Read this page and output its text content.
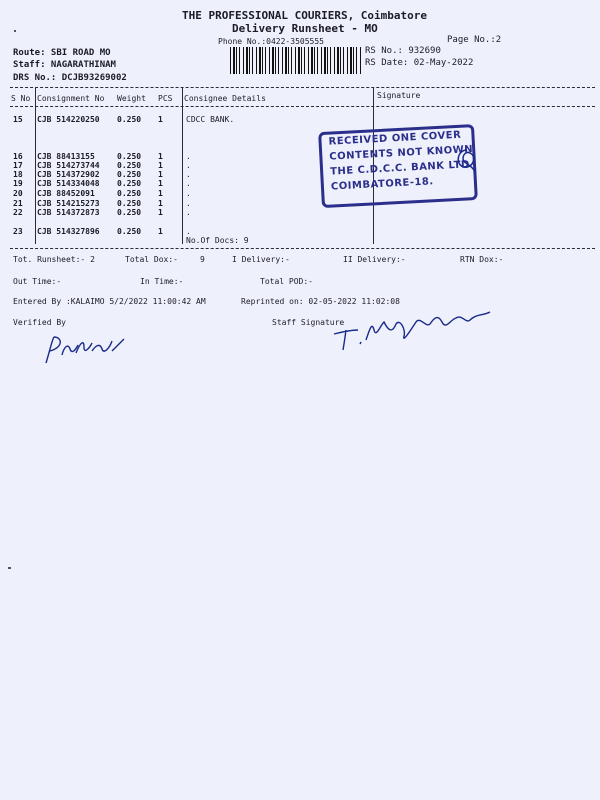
THE PROFESSIONAL COURIERS, Coimbatore
Delivery Runsheet - MO
Phone No.:0422-3505555	Page No.:2
Route: SBI ROAD MO
Staff: NAGARATHINAM
DRS No.: DCJB93269002
RS No.: 932690
RS Date: 02-May-2022
S No Consignment No Weight PCS Consignee Details	Signature
15 CJB 514220250 0.250 1	CDCC BANK.
16 CJB 88413155	0.250 1	.
17 CJB 514273744 0.250 1	.
18 CJB 514372902 0.250 1	.
19 CJB 514334048 0.250 1	.
20 CJB 88452091	0.250 1	.
21 CJB 514215273 0.250 1	.
22 CJB 514372873 0.250 1	.
23 CJB 514327896 0.250 1	.
No.Of Docs: 9
RECEIVED ONE COVER
CONTENTS NOT KNOWN
THE C.D.C.C. BANK LTD
COIMBATORE-18.
Tot. Runsheet:- 2	Total Dox:-	9	I Delivery:-	II Delivery:-	RTN Dox:-
Out Time:-	In Time:-	Total POD:-
Entered By :KALAIMO 5/2/2022 11:00:42 AM	Reprinted on: 02-05-2022 11:02:08
Verified By	Staff Signature
